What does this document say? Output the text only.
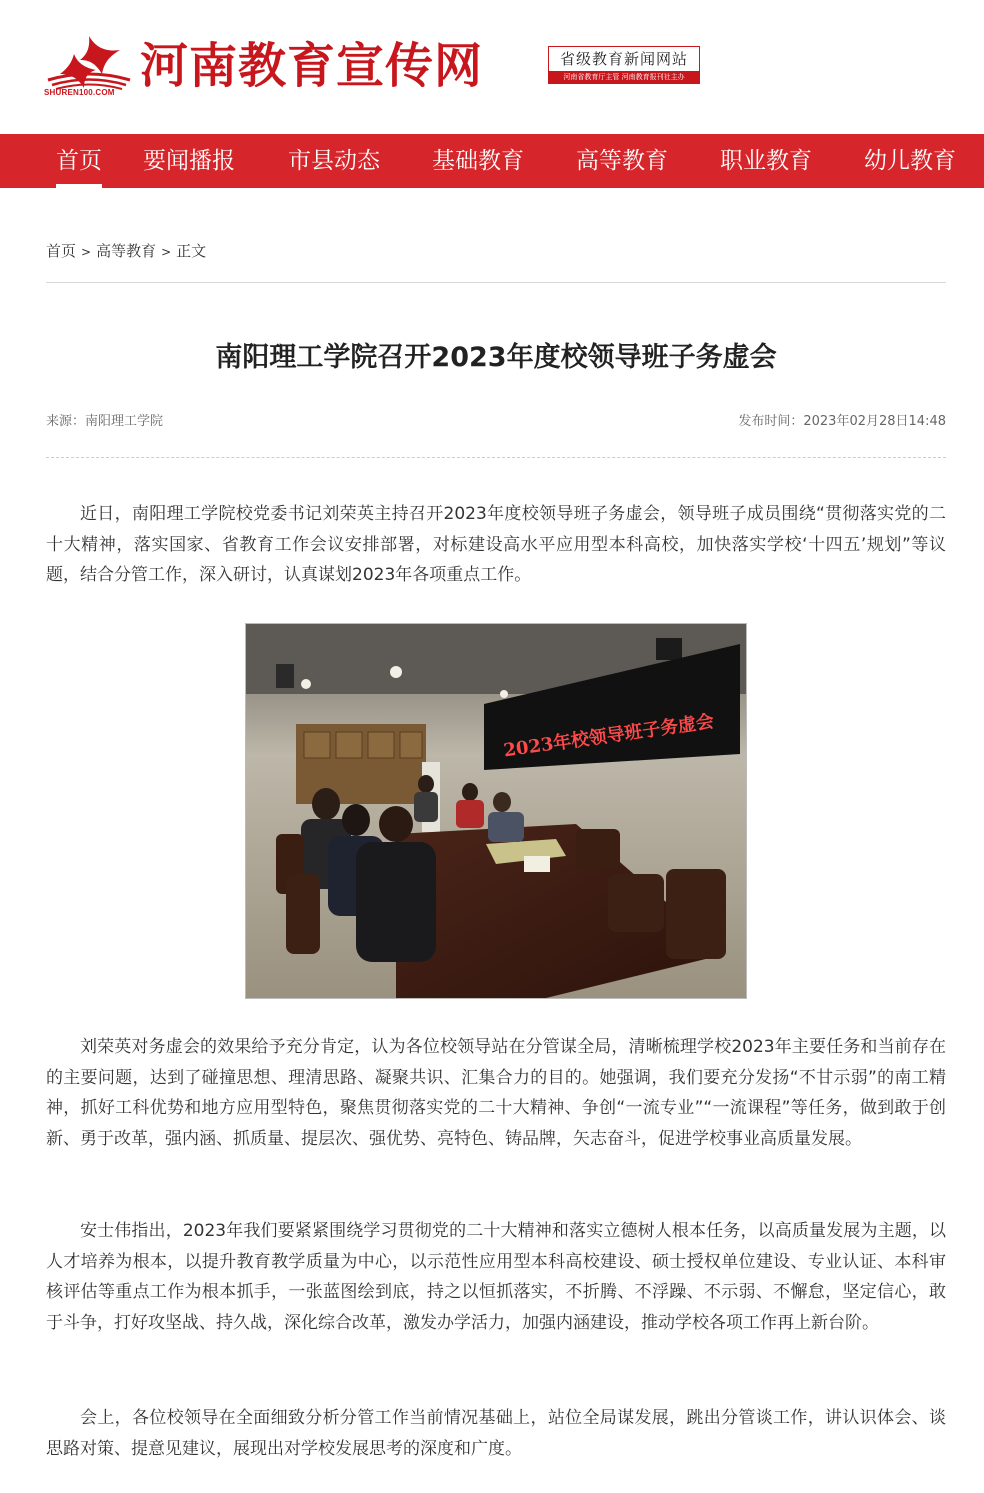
SHUREN100.COM 河南教育宣传网	省级教育新闻网站
河南省教育厅主管 河南教育报刊社主办
首页 要闻播报 市县动态 基础教育 高等教育 职业教育 幼儿教育
首页 > 高等教育 > 正文
南阳理工学院召开2023年度校领导班子务虚会
来源：南阳理工学院	发布时间：2023年02月28日14:48

近日，南阳理工学院校党委书记刘荣英主持召开2023年度校领导班子务虚会，领导班子成员围绕“贯彻落实党的二十大精神，落实国家、省教育工作会议安排部署，对标建设高水平应用型本科高校，加快落实学校‘十四五’规划”等议题，结合分管工作，深入研讨，认真谋划2023年各项重点工作。

2023年校领导班子务虚会

刘荣英对务虚会的效果给予充分肯定，认为各位校领导站在分管谋全局，清晰梳理学校2023年主要任务和当前存在的主要问题，达到了碰撞思想、理清思路、凝聚共识、汇集合力的目的。她强调，我们要充分发扬“不甘示弱”的南工精神，抓好工科优势和地方应用型特色，聚焦贯彻落实党的二十大精神、争创“一流专业”“一流课程”等任务，做到敢于创新、勇于改革，强内涵、抓质量、提层次、强优势、亮特色、铸品牌，矢志奋斗，促进学校事业高质量发展。

安士伟指出，2023年我们要紧紧围绕学习贯彻党的二十大精神和落实立德树人根本任务，以高质量发展为主题，以人才培养为根本，以提升教育教学质量为中心，以示范性应用型本科高校建设、硕士授权单位建设、专业认证、本科审核评估等重点工作为根本抓手，一张蓝图绘到底，持之以恒抓落实，不折腾、不浮躁、不示弱、不懈怠，坚定信心，敢于斗争，打好攻坚战、持久战，深化综合改革，激发办学活力，加强内涵建设，推动学校各项工作再上新台阶。

会上，各位校领导在全面细致分析分管工作当前情况基础上，站位全局谋发展，跳出分管谈工作，讲认识体会、谈思路对策、提意见建议，展现出对学校发展思考的深度和广度。
